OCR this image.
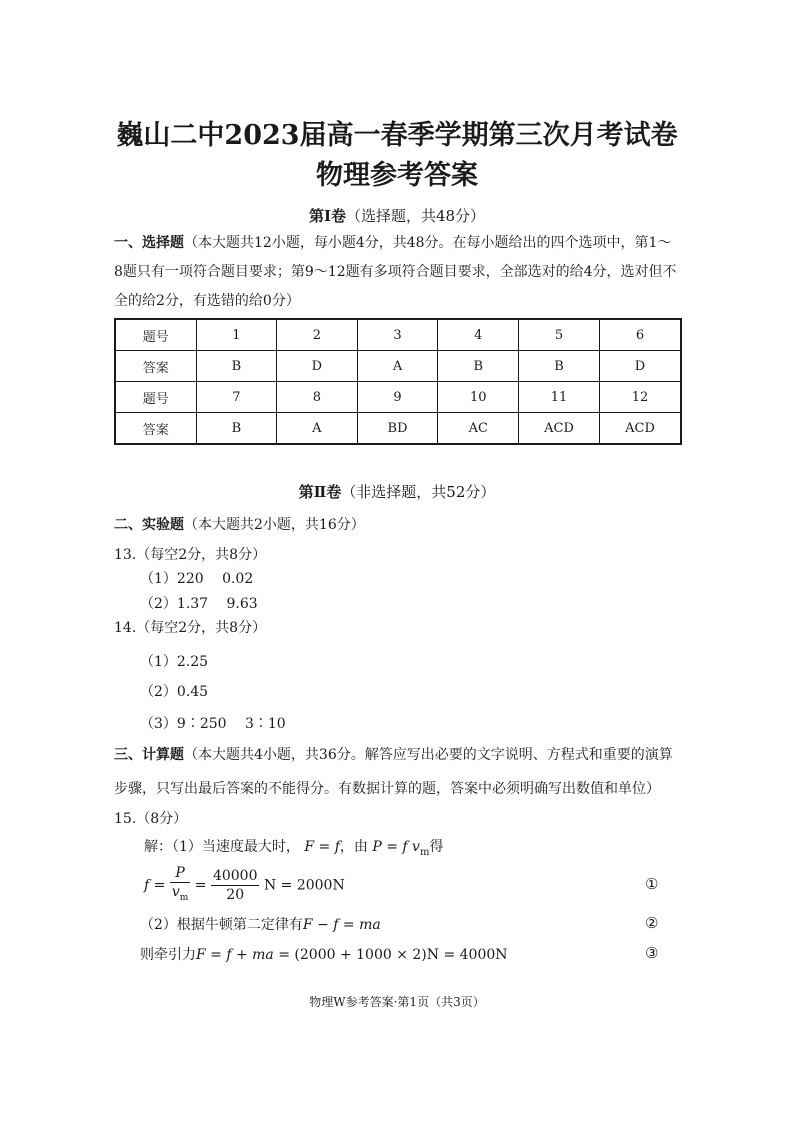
巍山二中2023届高一春季学期第三次月考试卷
物理参考答案
第Ⅰ卷（选择题，共48分）
一、选择题（本大题共12小题，每小题4分，共48分。在每小题给出的四个选项中，第1～
8题只有一项符合题目要求；第9～12题有多项符合题目要求，全部选对的给4分，选对但不
全的给2分，有选错的给0分）
题号	1	2	3	4	5	6
答案	B	D	A	B	B	D
题号	7	8	9	10	11	12
答案	B	A	BD	AC	ACD	ACD
第Ⅱ卷（非选择题，共52分）
二、实验题（本大题共2小题，共16分）
13.（每空2分，共8分）
（1）220　 0.02
（2）1.37　 9.63
14.（每空2分，共8分）
（1）2.25
（2）0.45
（3）9∶250　 3∶10
三、计算题（本大题共4小题，共36分。解答应写出必要的文字说明、方程式和重要的演算
步骤，只写出最后答案的不能得分。有数据计算的题，答案中必须明确写出数值和单位）
15.（8分）
解：（1）当速度最大时， F = f，由 P = f $v_m$得
$f = \frac{P}{v_m} = \frac{40000}{20}$ N = 2000N	①
（2）根据牛顿第二定律有F − f = ma	②
则牵引力F = f + ma = (2000 + 1000 × 2)N = 4000N	③
物理W参考答案·第1页（共3页）
